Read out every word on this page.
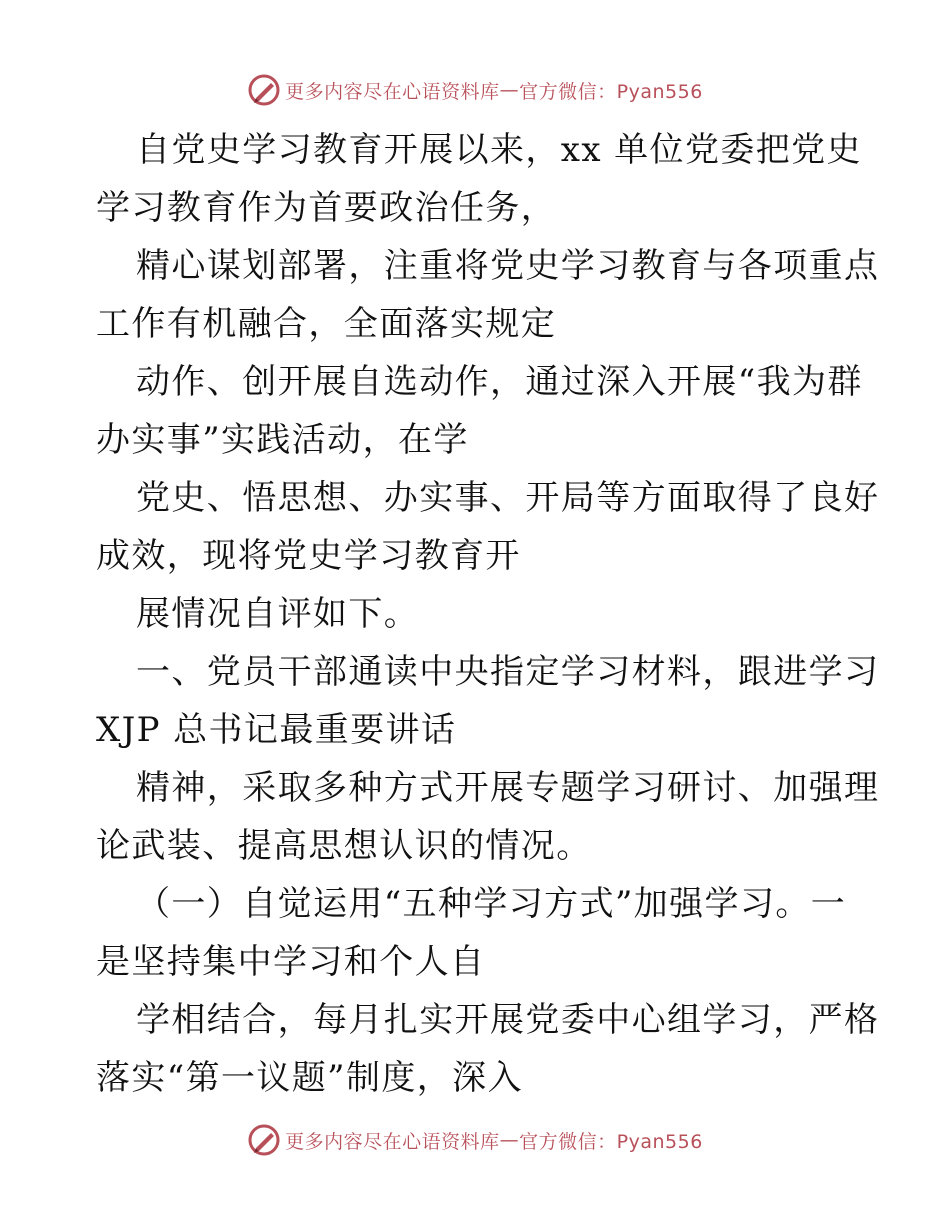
更多内容尽在心语资料库 — 官方微信：Pyan556
自党史学习教育开展以来，xx 单位党委把党史
学习教育作为首要政治任务，
精心谋划部署，注重将党史学习教育与各项重点
工作有机融合，全面落实规定
动作、创开展自选动作，通过深入开展“我为群
办实事”实践活动，在学
党史、悟思想、办实事、开局等方面取得了良好
成效，现将党史学习教育开
展情况自评如下。
一、党员干部通读中央指定学习材料，跟进学习
XJP 总书记最重要讲话
精神，采取多种方式开展专题学习研讨、加强理
论武装、提高思想认识的情况。
（一）自觉运用“五种学习方式”加强学习。一
是坚持集中学习和个人自
学相结合，每月扎实开展党委中心组学习，严格
落实“第一议题”制度，深入
更多内容尽在心语资料库 — 官方微信：Pyan556
